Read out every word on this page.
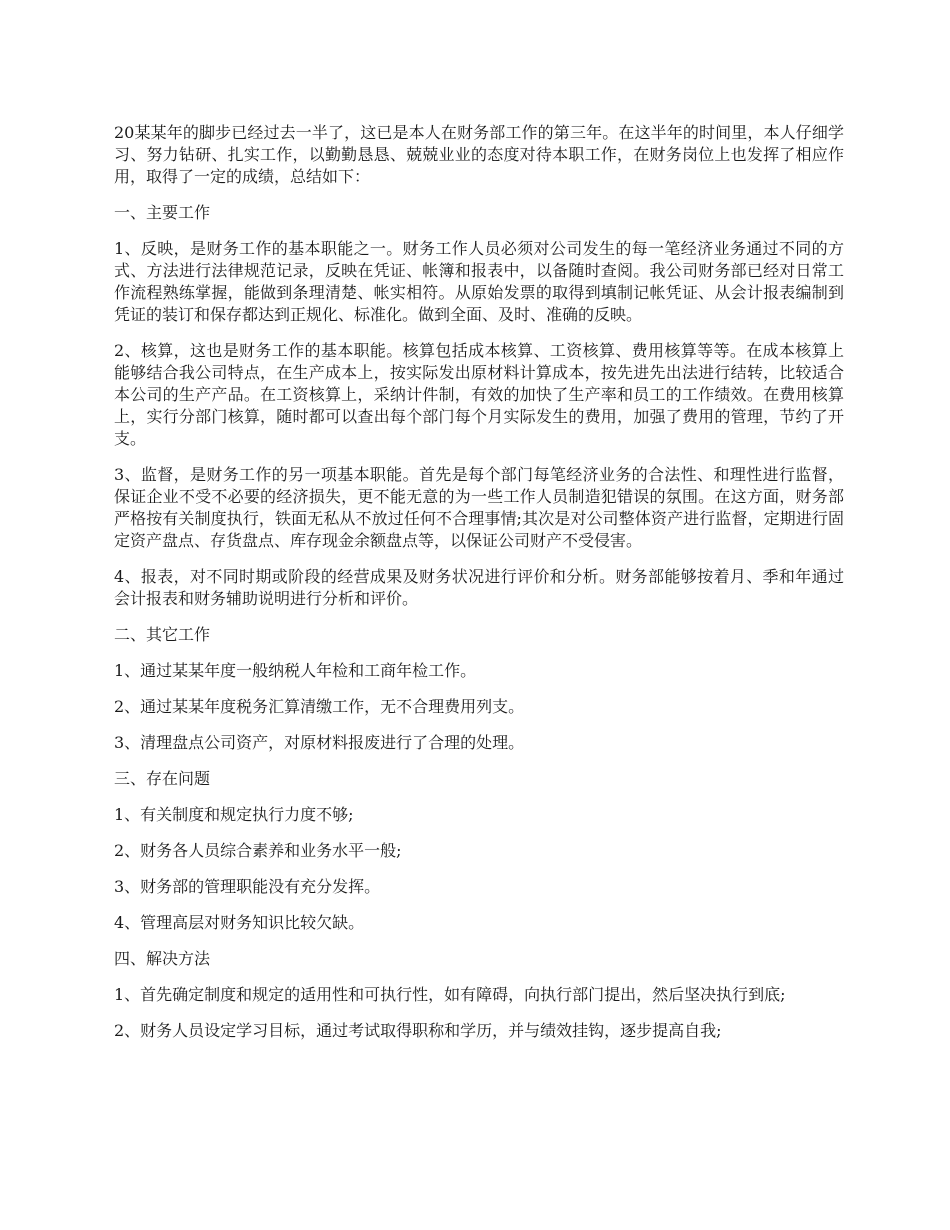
20某某年的脚步已经过去一半了，这已是本人在财务部工作的第三年。在这半年的时间里，本人仔细学习、努力钻研、扎实工作，以勤勤恳恳、兢兢业业的态度对待本职工作，在财务岗位上也发挥了相应作用，取得了一定的成绩，总结如下：

一、主要工作

1、反映，是财务工作的基本职能之一。财务工作人员必须对公司发生的每一笔经济业务通过不同的方式、方法进行法律规范记录，反映在凭证、帐簿和报表中，以备随时查阅。我公司财务部已经对日常工作流程熟练掌握，能做到条理清楚、帐实相符。从原始发票的取得到填制记帐凭证、从会计报表编制到凭证的装订和保存都达到正规化、标准化。做到全面、及时、准确的反映。

2、核算，这也是财务工作的基本职能。核算包括成本核算、工资核算、费用核算等等。在成本核算上能够结合我公司特点，在生产成本上，按实际发出原材料计算成本，按先进先出法进行结转，比较适合本公司的生产产品。在工资核算上，采纳计件制，有效的加快了生产率和员工的工作绩效。在费用核算上，实行分部门核算，随时都可以查出每个部门每个月实际发生的费用，加强了费用的管理，节约了开支。

3、监督，是财务工作的另一项基本职能。首先是每个部门每笔经济业务的合法性、和理性进行监督，保证企业不受不必要的经济损失，更不能无意的为一些工作人员制造犯错误的氛围。在这方面，财务部严格按有关制度执行，铁面无私从不放过任何不合理事情;其次是对公司整体资产进行监督，定期进行固定资产盘点、存货盘点、库存现金余额盘点等，以保证公司财产不受侵害。

4、报表，对不同时期或阶段的经营成果及财务状况进行评价和分析。财务部能够按着月、季和年通过会计报表和财务辅助说明进行分析和评价。

二、其它工作

1、通过某某年度一般纳税人年检和工商年检工作。

2、通过某某年度税务汇算清缴工作，无不合理费用列支。

3、清理盘点公司资产，对原材料报废进行了合理的处理。

三、存在问题

1、有关制度和规定执行力度不够;

2、财务各人员综合素养和业务水平一般;

3、财务部的管理职能没有充分发挥。

4、管理高层对财务知识比较欠缺。

四、解决方法

1、首先确定制度和规定的适用性和可执行性，如有障碍，向执行部门提出，然后坚决执行到底;

2、财务人员设定学习目标，通过考试取得职称和学历，并与绩效挂钩，逐步提高自我;
